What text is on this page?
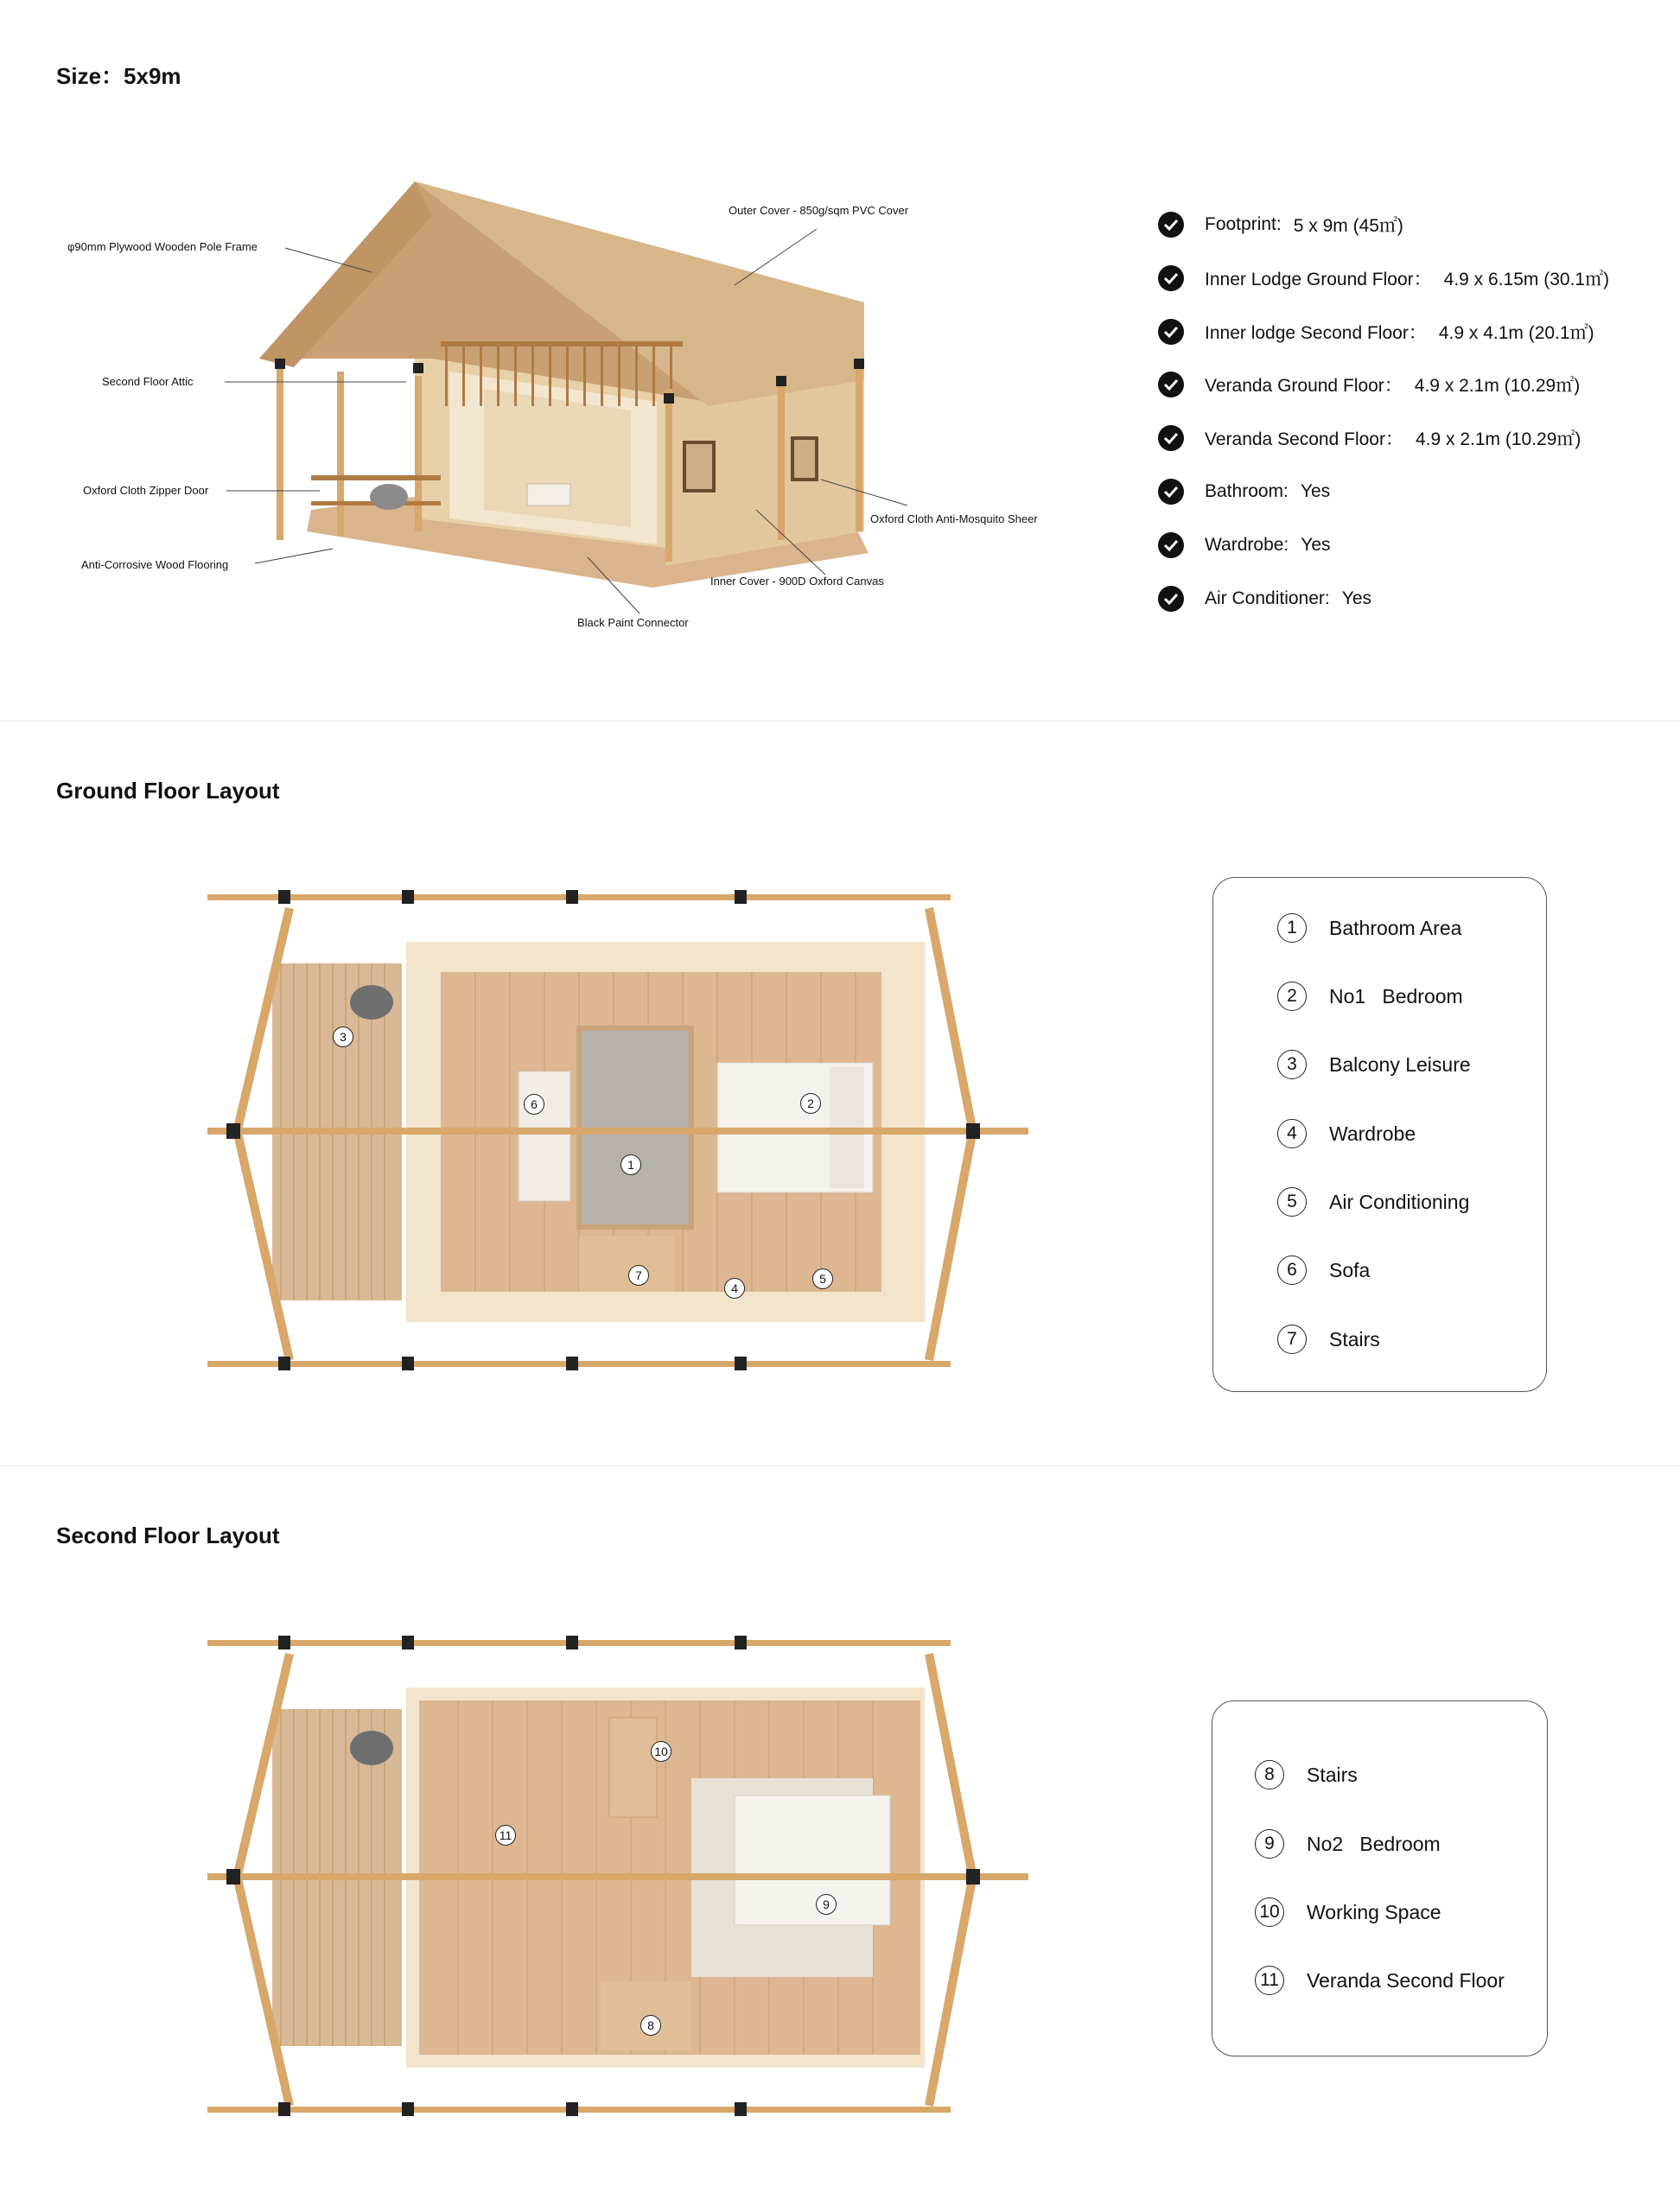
Size：5x9m
Outer Cover - 850g/sqm PVC Cover
φ90mm Plywood Wooden Pole Frame
Second Floor Attic
Oxford Cloth Zipper Door
Anti-Corrosive Wood Flooring
Black Paint Connector
Inner Cover - 900D Oxford Canvas
Oxford Cloth Anti-Mosquito Sheer
Footprint: 5 x 9m (45㎡)
Inner Lodge Ground Floor： 4.9 x 6.15m (30.1㎡)
Inner lodge Second Floor： 4.9 x 4.1m (20.1㎡)
Veranda Ground Floor： 4.9 x 2.1m (10.29㎡)
Veranda Second Floor： 4.9 x 2.1m (10.29㎡)
Bathroom: Yes
Wardrobe: Yes
Air Conditioner: Yes
Ground Floor Layout
3
6
1
2
7
4
5
1	Bathroom Area
2	No1   Bedroom
3	Balcony Leisure
4	Wardrobe
5	Air Conditioning
6	Sofa
7	Stairs
Second Floor Layout
11
10
9
8
8	Stairs
9	No2   Bedroom
10 Working Space
11 Veranda Second Floor
